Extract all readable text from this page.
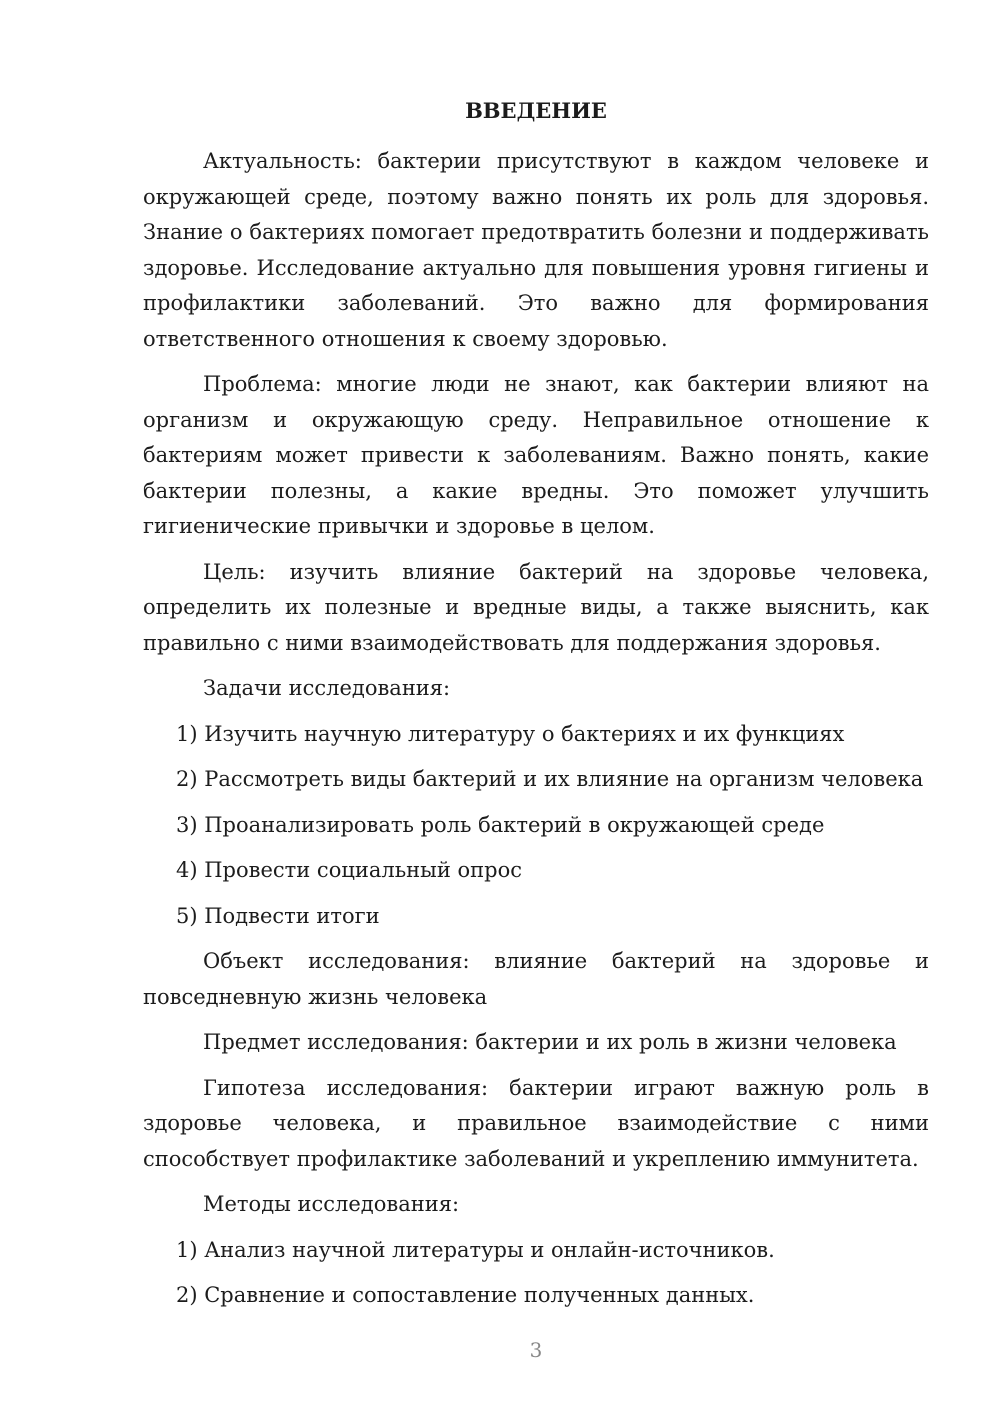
ВВЕДЕНИЕ

Актуальность: бактерии присутствуют в каждом человеке и окружающей среде, поэтому важно понять их роль для здоровья. Знание о бактериях помогает предотвратить болезни и поддерживать здоровье. Исследование актуально для повышения уровня гигиены и профилактики заболеваний. Это важно для формирования ответственного отношения к своему здоровью.

Проблема: многие люди не знают, как бактерии влияют на организм и окружающую среду. Неправильное отношение к бактериям может привести к заболеваниям. Важно понять, какие бактерии полезны, а какие вредны. Это поможет улучшить гигиенические привычки и здоровье в целом.

Цель: изучить влияние бактерий на здоровье человека, определить их полезные и вредные виды, а также выяснить, как правильно с ними взаимодействовать для поддержания здоровья.

Задачи исследования:

1) Изучить научную литературу о бактериях и их функциях
2) Рассмотреть виды бактерий и их влияние на организм человека
3) Проанализировать роль бактерий в окружающей среде
4) Провести социальный опрос
5) Подвести итоги

Объект исследования: влияние бактерий на здоровье и повседневную жизнь человека

Предмет исследования: бактерии и их роль в жизни человека

Гипотеза исследования: бактерии играют важную роль в здоровье человека, и правильное взаимодействие с ними способствует профилактике заболеваний и укреплению иммунитета.

Методы исследования:

1) Анализ научной литературы и онлайн-источников.
2) Сравнение и сопоставление полученных данных.
3
